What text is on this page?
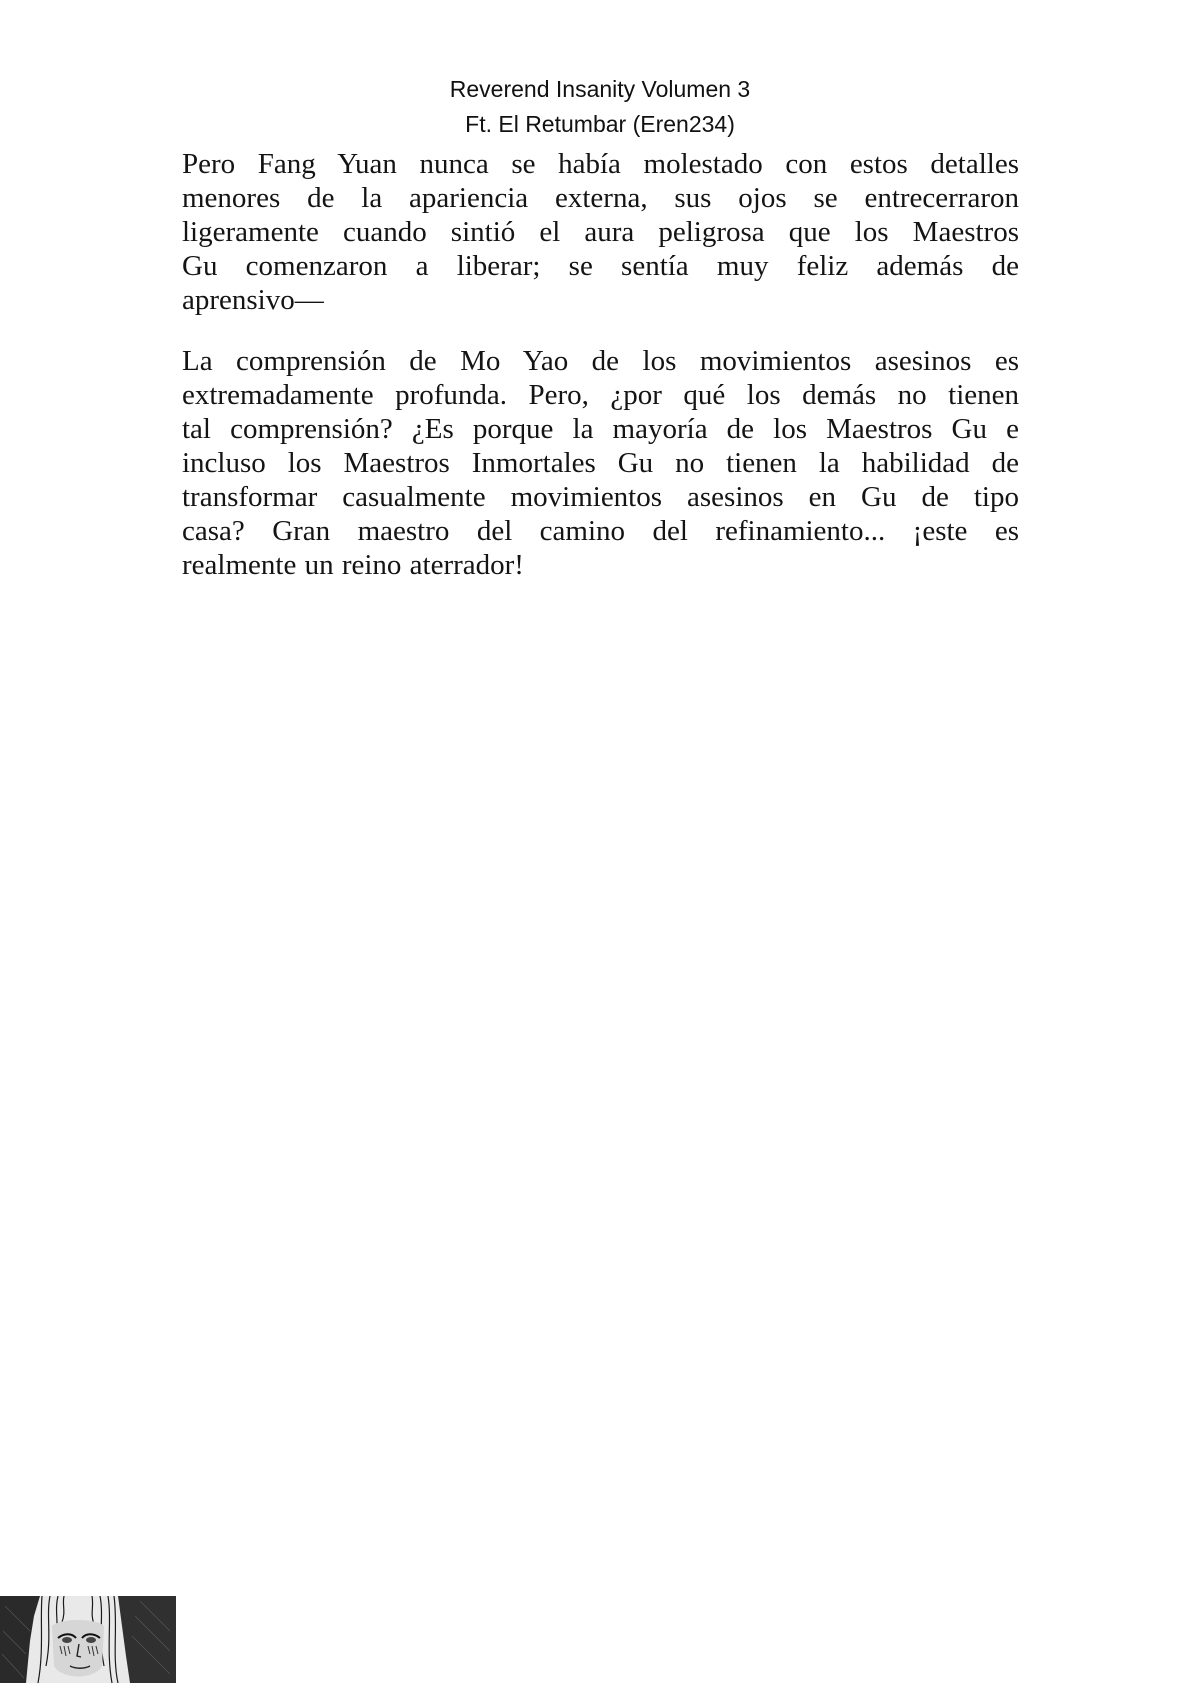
Reverend Insanity Volumen 3
Ft. El Retumbar (Eren234)
Pero Fang Yuan nunca se había molestado con estos detalles
menores de la apariencia externa, sus ojos se entrecerraron
ligeramente cuando sintió el aura peligrosa que los Maestros
Gu comenzaron a liberar; se sentía muy feliz además de
aprensivo—
La comprensión de Mo Yao de los movimientos asesinos es
extremadamente profunda. Pero, ¿por qué los demás no tienen
tal comprensión? ¿Es porque la mayoría de los Maestros Gu e
incluso los Maestros Inmortales Gu no tienen la habilidad de
transformar casualmente movimientos asesinos en Gu de tipo
casa? Gran maestro del camino del refinamiento... ¡este es
realmente un reino aterrador!
